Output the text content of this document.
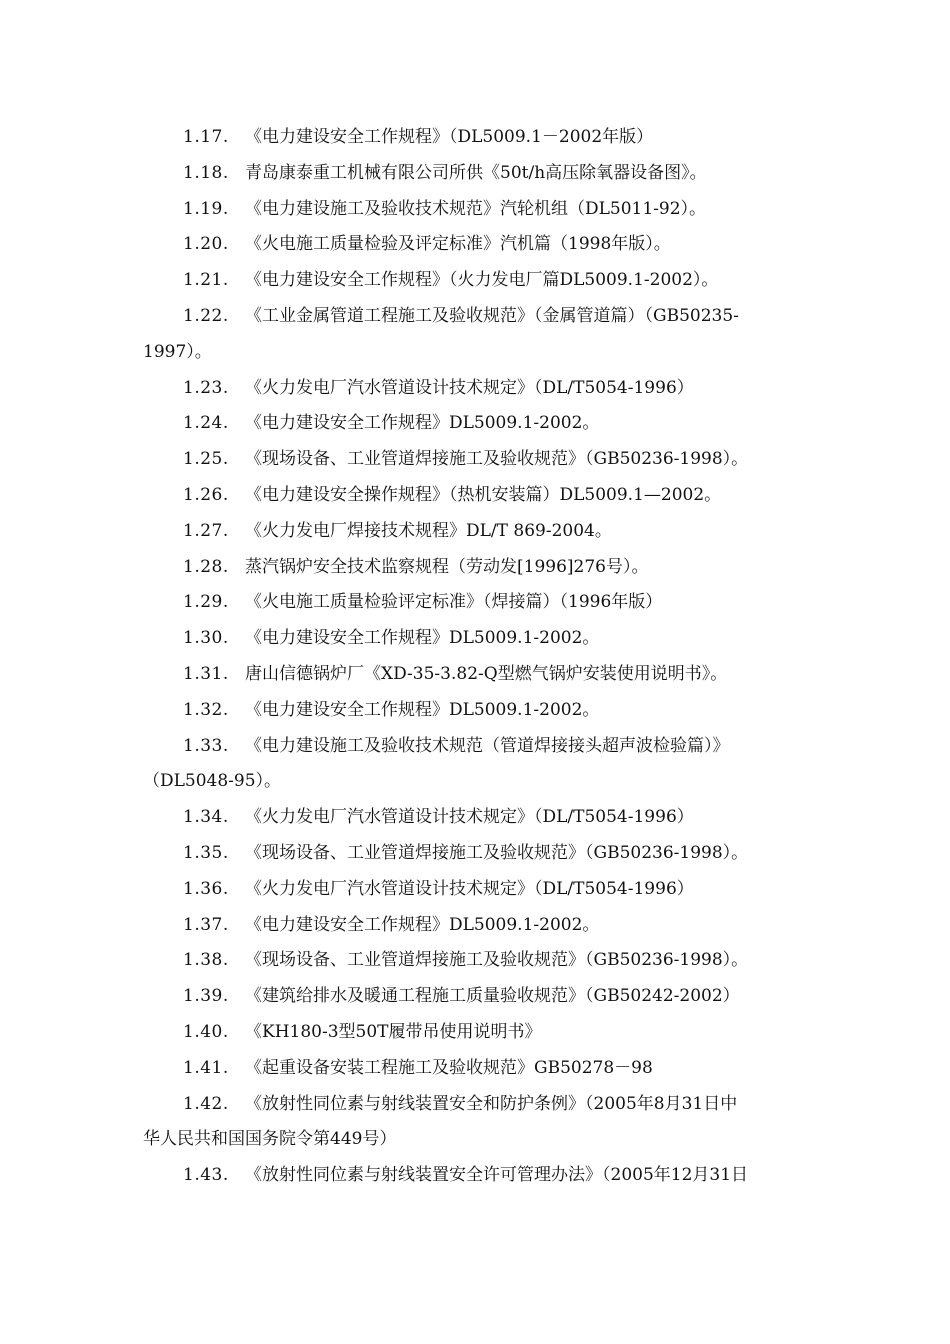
1.17. 《电力建设安全工作规程》（DL5009.1－2002年版）
1.18. 青岛康泰重工机械有限公司所供《50t/h高压除氧器设备图》。
1.19. 《电力建设施工及验收技术规范》汽轮机组（DL5011-92）。
1.20. 《火电施工质量检验及评定标准》汽机篇（1998年版）。
1.21. 《电力建设安全工作规程》（火力发电厂篇DL5009.1-2002）。
1.22. 《工业金属管道工程施工及验收规范》（金属管道篇）（GB50235-
1997）。
1.23. 《火力发电厂汽水管道设计技术规定》（DL/T5054-1996）
1.24. 《电力建设安全工作规程》DL5009.1-2002。
1.25. 《现场设备、工业管道焊接施工及验收规范》（GB50236-1998）。
1.26. 《电力建设安全操作规程》（热机安装篇）DL5009.1—2002。
1.27. 《火力发电厂焊接技术规程》DL/T 869-2004。
1.28. 蒸汽锅炉安全技术监察规程（劳动发[1996]276号）。
1.29. 《火电施工质量检验评定标准》（焊接篇）（1996年版）
1.30. 《电力建设安全工作规程》DL5009.1-2002。
1.31. 唐山信德锅炉厂《XD-35-3.82-Q型燃气锅炉安装使用说明书》。
1.32. 《电力建设安全工作规程》DL5009.1-2002。
1.33. 《电力建设施工及验收技术规范（管道焊接接头超声波检验篇）》
（DL5048-95）。
1.34. 《火力发电厂汽水管道设计技术规定》（DL/T5054-1996）
1.35. 《现场设备、工业管道焊接施工及验收规范》（GB50236-1998）。
1.36. 《火力发电厂汽水管道设计技术规定》（DL/T5054-1996）
1.37. 《电力建设安全工作规程》DL5009.1-2002。
1.38. 《现场设备、工业管道焊接施工及验收规范》（GB50236-1998）。
1.39. 《建筑给排水及暖通工程施工质量验收规范》（GB50242-2002）
1.40. 《KH180-3型50T履带吊使用说明书》
1.41. 《起重设备安装工程施工及验收规范》GB50278－98
1.42. 《放射性同位素与射线装置安全和防护条例》（2005年8月31日中
华人民共和国国务院令第449号）
1.43. 《放射性同位素与射线装置安全许可管理办法》（2005年12月31日
